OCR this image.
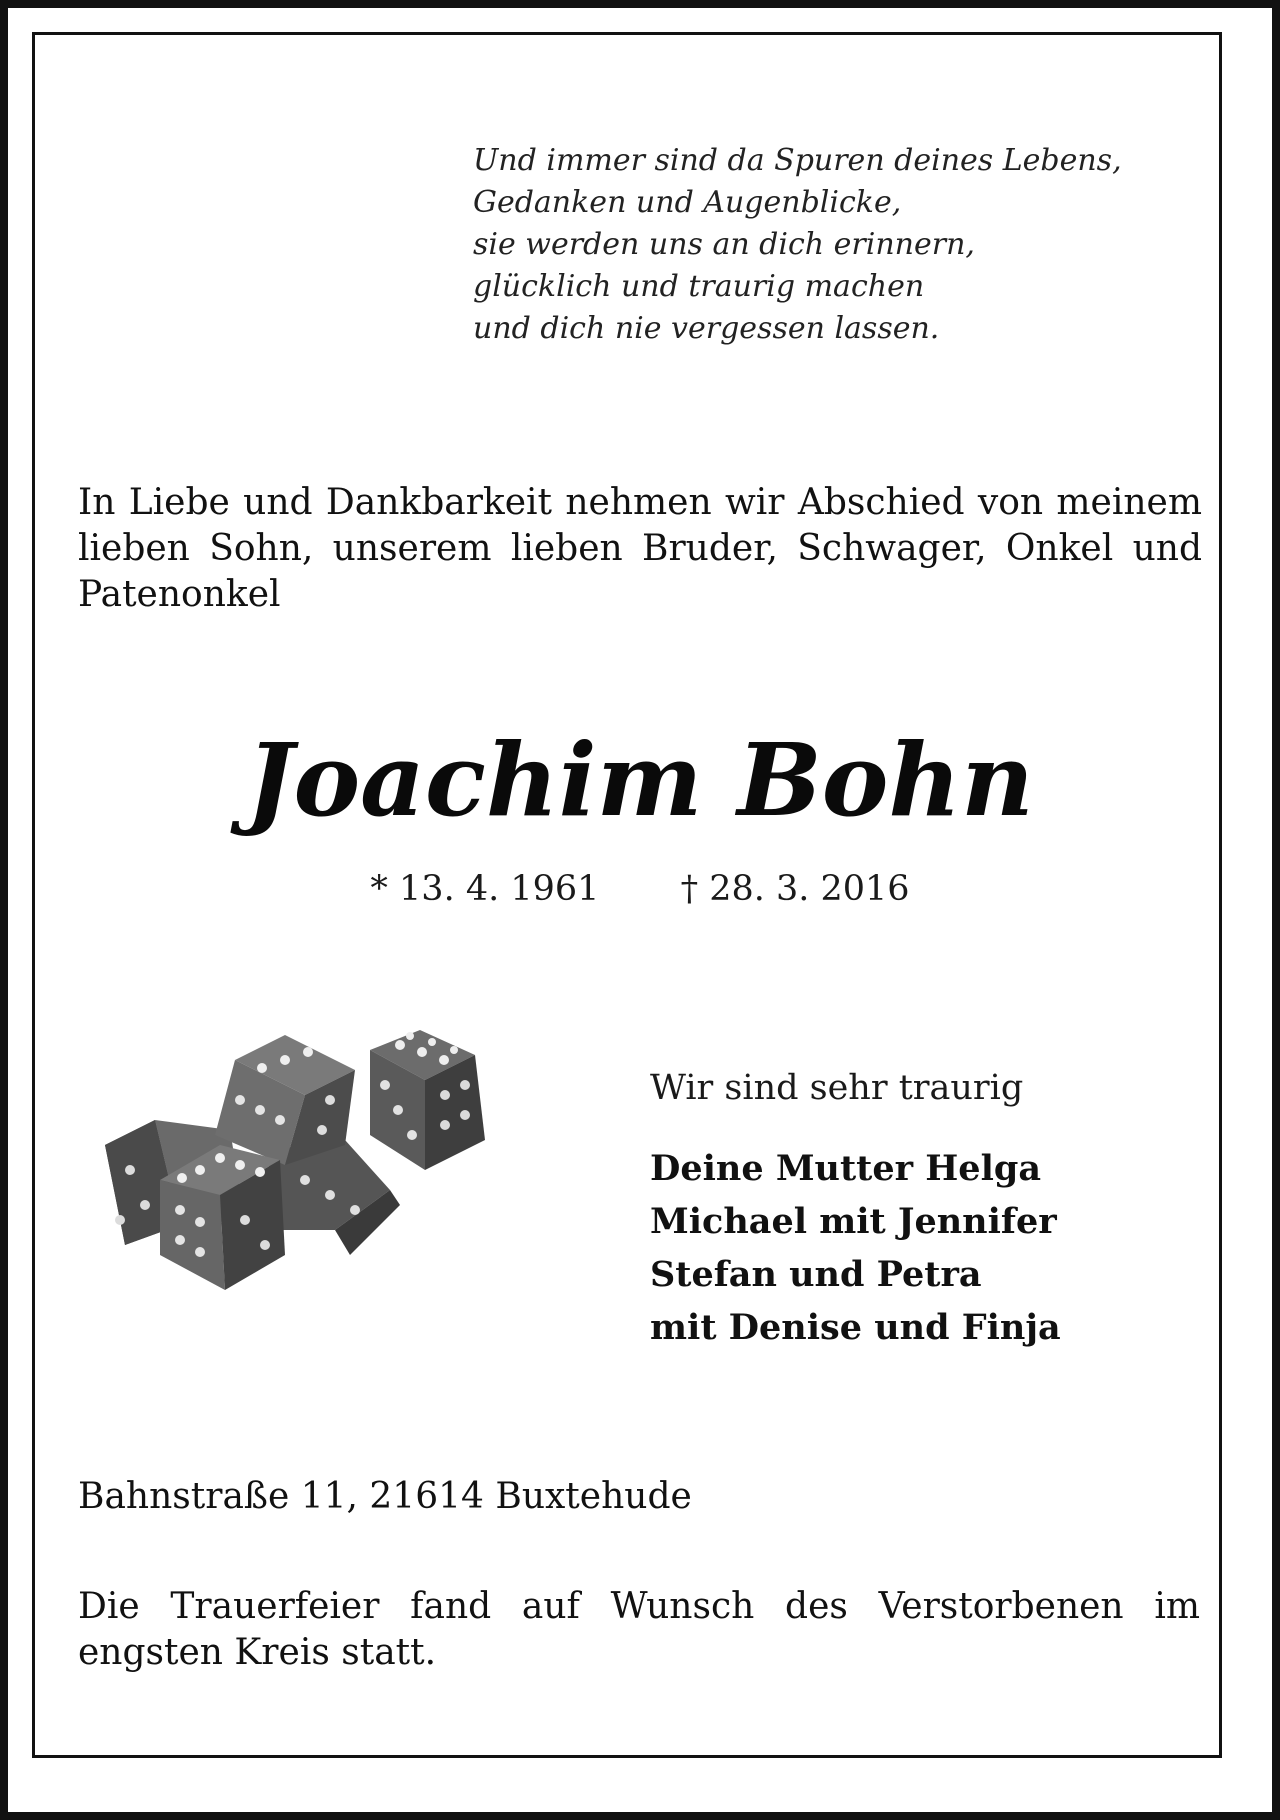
Und immer sind da Spuren deines Lebens,
Gedanken und Augenblicke,
sie werden uns an dich erinnern,
glücklich und traurig machen
und dich nie vergessen lassen.
In Liebe und Dankbarkeit nehmen wir Abschied von meinem lieben Sohn, unserem lieben Bruder, Schwager, Onkel und Patenonkel
Joachim Bohn
* 13. 4. 1961 † 28. 3. 2016
Wir sind sehr traurig
Deine Mutter Helga
Michael mit Jennifer
Stefan und Petra
mit Denise und Finja
Bahnstraße 11, 21614 Buxtehude
Die Trauerfeier fand auf Wunsch des Verstorbenen im engsten Kreis statt.
